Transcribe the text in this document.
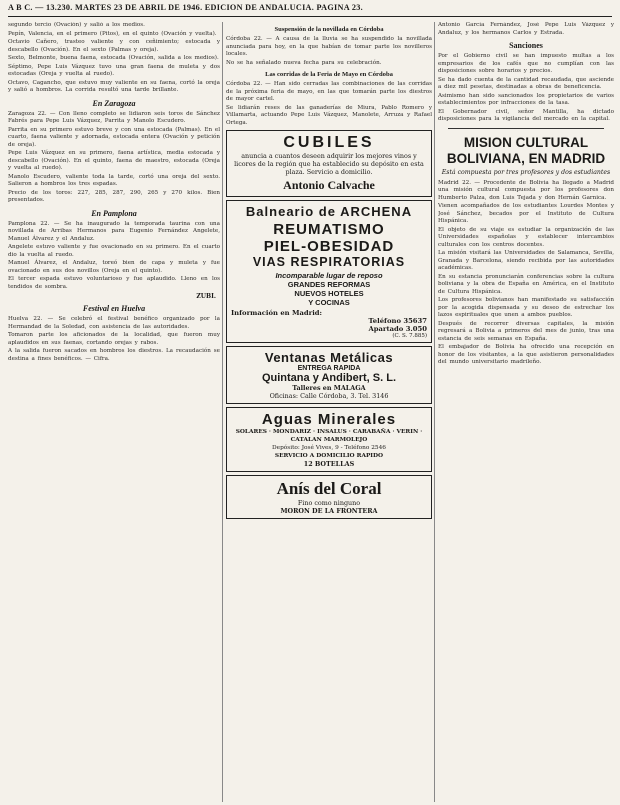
A B C. — 13.230. MARTES 23 DE ABRIL DE 1946. EDICION DE ANDALUCIA. PAGINA 23.

segundo tercio (Ovación) y salió a los medios.

Pepín, Valencia, en el primero (Pitos), en el quinto (Ovación y vuelta).

Octavio Cañero, trasteo valiente y con ceñimiento; estocada y descabello (Ovación). En el sexto (Palmas y oreja).

Sexto, Belmonte, buena faena, estocada (Ovación, salida a los medios).

Séptimo, Pepe Luis Vázquez tuvo una gran faena de muleta y dos estocadas (Oreja y vuelta al ruedo).

Octavo, Cagancho, que estuvo muy valiente en su faena, cortó la oreja y salió a hombros. La corrida resultó una tarde brillante.

En Zaragoza

Zaragoza 22. — Con lleno completo se lidiaron seis toros de Sánchez Fabrés para Pepe Luis Vázquez, Parrita y Manolo Escudero.

Parrita en su primero estuvo breve y con una estocada (Palmas). En el cuarto, faena valiente y adornada, estocada entera (Ovación y petición de oreja).

Pepe Luis Vázquez en su primero, faena artística, media estocada y descabello (Ovación). En el quinto, faena de maestro, estocada (Oreja y vuelta al ruedo).

Manolo Escudero, valiente toda la tarde, cortó una oreja del sexto. Salieron a hombros los tres espadas.

Precio de los toros: 227, 285, 287, 290, 265 y 270 kilos. Bien presentados.

En Pamplona

Pamplona 22. — Se ha inaugurado la temporada taurina con una novillada de Arribas Hermanos para Eugenio Fernández Angelete, Manuel Álvarez y el Andaluz.

Angelete estuvo valiente y fue ovacionado en su primero. En el cuarto dio la vuelta al ruedo.

Manuel Álvarez, el Andaluz, toreó bien de capa y muleta y fue ovacionado en sus dos novillos (Oreja en el quinto).

El tercer espada estuvo voluntarioso y fue aplaudido. Lleno en los tendidos de sombra.

ZUBI.
Festival en Huelva

Huelva 22. — Se celebró el festival benéfico organizado por la Hermandad de la Soledad, con asistencia de las autoridades.

Tomaron parte los aficionados de la localidad, que fueron muy aplaudidos en sus faenas, cortando orejas y rabos.

A la salida fueron sacados en hombros los diestros. La recaudación se destina a fines benéficos. — Cifra.

Suspensión de la novillada en Córdoba

Córdoba 22. — A causa de la lluvia se ha suspendido la novillada anunciada para hoy, en la que habían de tomar parte los novilleros locales.

No se ha señalado nueva fecha para su celebración.

Las corridas de la Feria de Mayo en Córdoba

Córdoba 22. — Han sido cerradas las combinaciones de las corridas de la próxima feria de mayo, en las que tomarán parte los diestros de mayor cartel.

Se lidiarán reses de las ganaderías de Miura, Pablo Romero y Villamarta, actuando Pepe Luis Vázquez, Manolete, Arruza y Rafael Ortega.

CUBILES
anuncia a cuantos deseen adquirir los mejores vinos y licores de la región que ha establecido su depósito en esta plaza. Servicio a domicilio.
Antonio Calvache
Balneario de ARCHENA
REUMATISMO
PIEL-OBESIDAD
VIAS RESPIRATORIAS
Incomparable lugar de reposo
GRANDES REFORMAS
NUEVOS HOTELES
Y COCINAS
Información en Madrid:
Teléfono 35637
Apartado 3.050
(C. S. 7.885)
Ventanas Metálicas
ENTREGA RAPIDA
Quintana y Andibert, S. L.
Talleres en MALAGA
Oficinas: Calle Córdoba, 3. Tel. 3146
Aguas Minerales
SOLARES · MONDARIZ · INSALUS · CARABAÑA · VERIN · CATALAN MARMOLEJO
Depósito: José Vives, 9 - Teléfono 2546
SERVICIO A DOMICILIO RAPIDO
12 BOTELLAS
Anís del Coral
Fino como ninguno
MORON DE LA FRONTERA

Antonio García Fernández, José Pepe Luis Vázquez y Andaluz, y los hermanos Carlos y Estrada.

Sanciones

Por el Gobierno civil se han impuesto multas a los empresarios de los cafés que no cumplían con las disposiciones sobre horarios y precios.

Se ha dado cuenta de la cantidad recaudada, que asciende a diez mil pesetas, destinadas a obras de beneficencia.

Asimismo han sido sancionados los propietarios de varios establecimientos por infracciones de la tasa.

El Gobernador civil, señor Mantilla, ha dictado disposiciones para la vigilancia del mercado en la capital.

MISION CULTURAL BOLIVIANA, EN MADRID
Está compuesta por tres profesores y dos estudiantes

Madrid 22. — Procedente de Bolivia ha llegado a Madrid una misión cultural compuesta por los profesores don Humberto Palza, don Luis Tejada y don Hernán Garnica.

Vienen acompañados de los estudiantes Lourdes Montes y José Sánchez, becados por el Instituto de Cultura Hispánica.

El objeto de su viaje es estudiar la organización de las Universidades españolas y establecer intercambios culturales con los centros docentes.

La misión visitará las Universidades de Salamanca, Sevilla, Granada y Barcelona, siendo recibida por las autoridades académicas.

En su estancia pronunciarán conferencias sobre la cultura boliviana y la obra de España en América, en el Instituto de Cultura Hispánica.

Los profesores bolivianos han manifestado su satisfacción por la acogida dispensada y su deseo de estrechar los lazos espirituales que unen a ambos pueblos.

Después de recorrer diversas capitales, la misión regresará a Bolivia a primeros del mes de junio, tras una estancia de seis semanas en España.

El embajador de Bolivia ha ofrecido una recepción en honor de los visitantes, a la que asistieron personalidades del mundo universitario madrileño.
